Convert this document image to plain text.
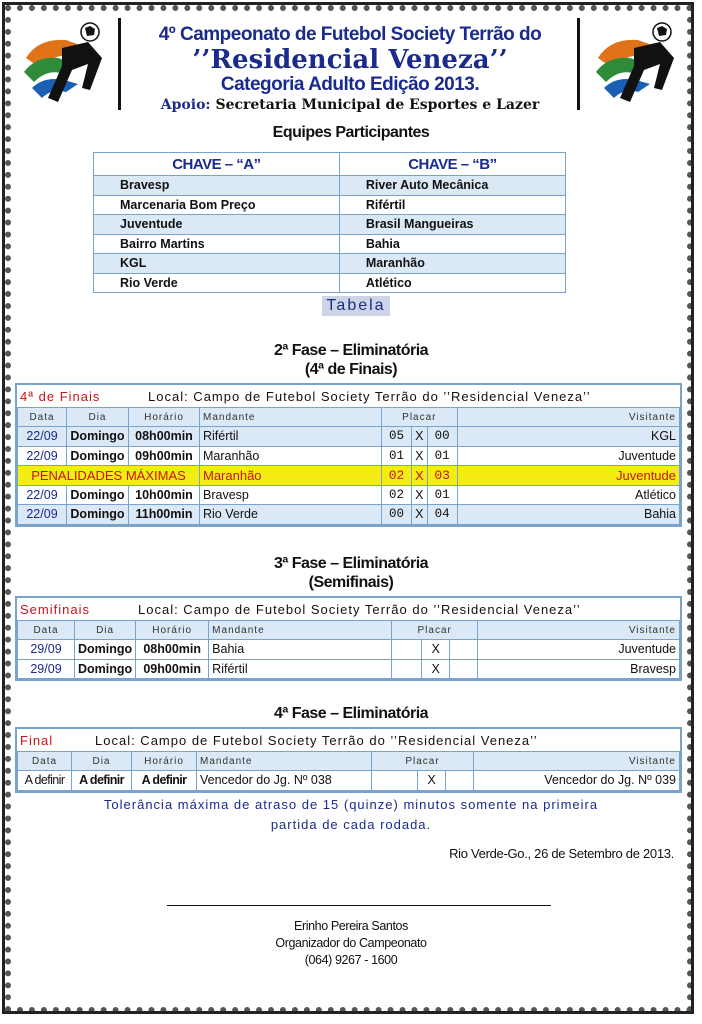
4º Campeonato de Futebol Society Terrão do
’’Residencial Veneza’’
Categoria Adulto Edição 2013.
Apoio: Secretaria Municipal de Esportes e Lazer
Equipes Participantes
CHAVE – “A”	CHAVE – “B”
Bravesp	River Auto Mecânica
Marcenaria Bom Preço	Rifértil
Juventude	Brasil Mangueiras
Bairro Martins	Bahia
KGL	Maranhão
Rio Verde	Atlético
Tabela
2ª Fase – Eliminatória
(4ª de Finais)
4ª de Finais	Local: Campo de Futebol Society Terrão do ’’Residencial Veneza’’
Data	Dia	Horário	Mandante	Placar			Visitante
22/09	Domingo	08h00min	Rifértil	05	X	00	KGL
22/09	Domingo	09h00min	Maranhão	01	X	01	Juventude
PENALIDADES MÁXIMAS			Maranhão	02	X	03	Juventude
22/09	Domingo	10h00min	Bravesp	02	X	01	Atlético
22/09	Domingo	11h00min	Rio Verde	00	X	04	Bahia
3ª Fase – Eliminatória
(Semifinais)
Semifinais	Local: Campo de Futebol Society Terrão do ’’Residencial Veneza’’
Data	Dia	Horário	Mandante	Placar			Visitante
29/09	Domingo	08h00min	Bahia		X		Juventude
29/09	Domingo	09h00min	Rifértil		X		Bravesp
4ª Fase – Eliminatória
Final	Local: Campo de Futebol Society Terrão do ’’Residencial Veneza’’
Data	Dia	Horário	Mandante	Placar			Visitante
A definir	A definir	A definir	Vencedor do Jg. Nº 038		X		Vencedor do Jg. Nº 039
Tolerância máxima de atraso de 15 (quinze) minutos somente na primeira
partida de cada rodada.
Rio Verde-Go., 26 de Setembro de 2013.
Erinho Pereira Santos
Organizador do Campeonato
(064) 9267 - 1600
